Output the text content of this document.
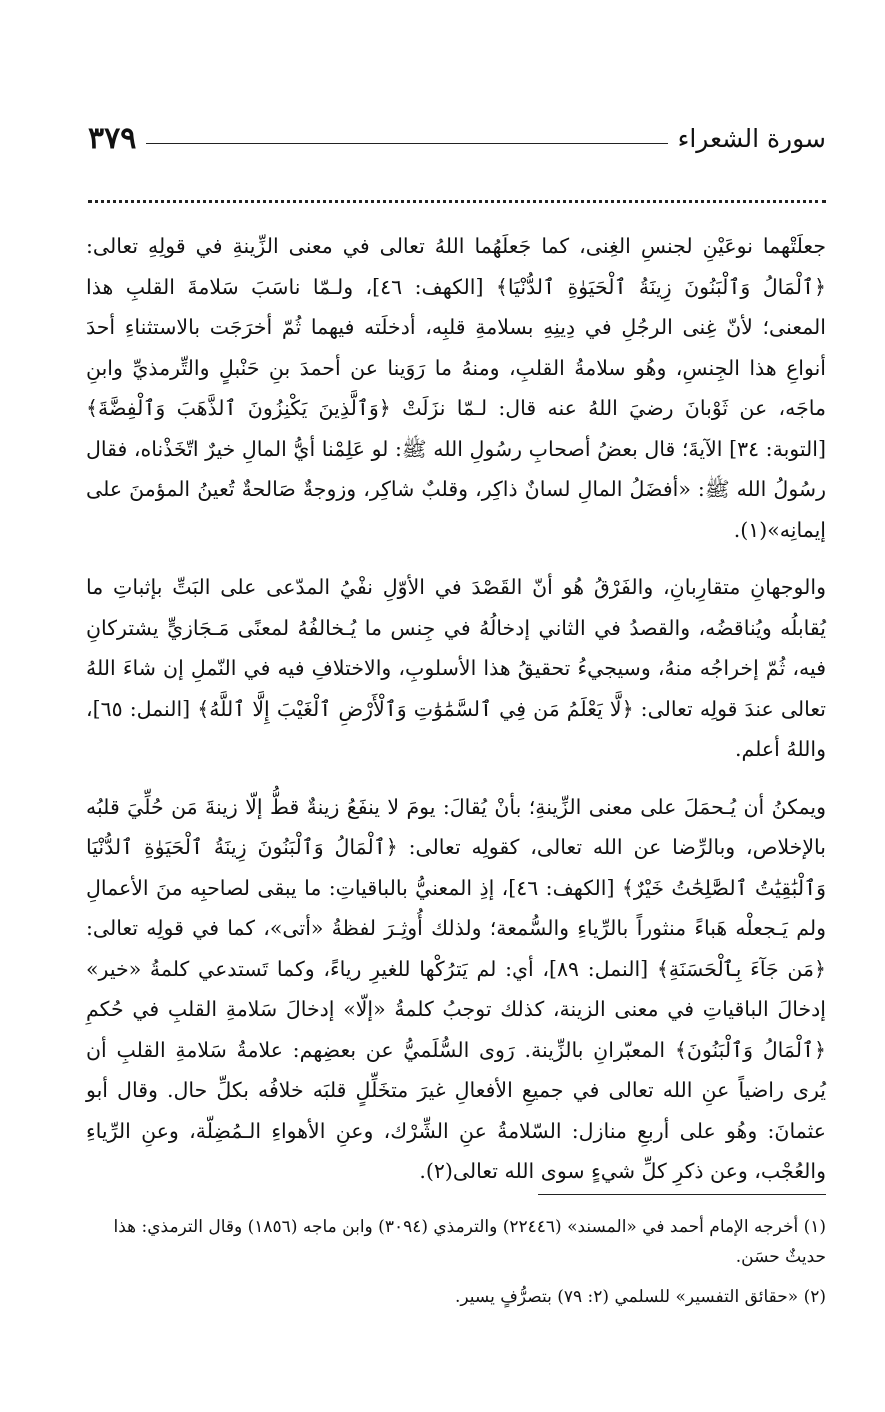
سورة الشعراء
٣٧٩

جعلَتْهما نوعَيْنِ لجنسِ الغِنى، كما جَعلَهُما اللهُ تعالى في معنى الزِّينةِ في قولِهِ تعالى: ﴿ٱلْمَالُ وَٱلْبَنُونَ زِينَةُ ٱلْحَيَوٰةِ ٱلدُّنْيَا﴾ [الكهف: ٤٦]، ولـمّا ناسَبَ سَلامةَ القلبِ هذا المعنى؛ لأنّ غِنى الرجُلِ في دِينِهِ بسلامةِ قلبِه، أدخلَته فيهما ثُمّ أخرَجَت بالاستثناءِ أحدَ أنواعِ هذا الجِنسِ، وهُو سلامةُ القلبِ، ومنهُ ما رَوَينا عن أحمدَ بنِ حَنْبلٍ والتِّرمذيِّ وابنِ ماجَه، عن ثَوْبانَ رضيَ اللهُ عنه قال: لـمّا نزَلَتْ ﴿وَٱلَّذِينَ يَكْنِزُونَ ٱلذَّهَبَ وَٱلْفِضَّةَ﴾ [التوبة: ٣٤] الآيةَ؛ قال بعضُ أصحابِ رسُولِ الله ﷺ: لو عَلِمْنا أيُّ المالِ خيرٌ اتّخَذْناه، فقال رسُولُ الله ﷺ: «أفضَلُ المالِ لسانٌ ذاكِر، وقلبٌ شاكِر، وزوجةٌ صَالحةٌ تُعينُ المؤمنَ على إيمانِه»(١).

والوجهانِ متقارِبانِ، والفَرْقُ هُو أنّ القَصْدَ في الأوّلِ نفْيُ المدّعى على البَتِّ بإثباتِ ما يُقابلُه ويُناقضُه، والقصدُ في الثاني إدخالُهُ في جِنس ما يُـخالفُهُ لمعنًى مَـجَازيٍّ يشتركانِ فيه، ثُمّ إخراجُه منهُ، وسيجيءُ تحقيقُ هذا الأسلوبِ، والاختلافِ فيه في النّملِ إن شاءَ اللهُ تعالى عندَ قولِه تعالى: ﴿لَّا يَعْلَمُ مَن فِي ٱلسَّمَٰوَٰتِ وَٱلْأَرْضِ ٱلْغَيْبَ إِلَّا ٱللَّهُ﴾ [النمل: ٦٥]، واللهُ أعلم.

ويمكنُ أن يُـحمَلَ على معنى الزِّينةِ؛ بأنْ يُقالَ: يومَ لا ينفَعُ زينةٌ قطُّ إلّا زينةَ مَن حُلِّيَ قلبُه بالإخلاص، وبالرِّضا عن الله تعالى، كقولِه تعالى: ﴿ٱلْمَالُ وَٱلْبَنُونَ زِينَةُ ٱلْحَيَوٰةِ ٱلدُّنْيَا وَٱلْبَٰقِيَٰتُ ٱلصَّٰلِحَٰتُ خَيْرٌ﴾ [الكهف: ٤٦]، إذِ المعنيُّ بالباقياتِ: ما يبقى لصاحبِه منَ الأعمالِ ولم يَـجعلْه هَباءً منثوراً بالرِّياءِ والسُّمعة؛ ولذلك أُوثِـرَ لفظةُ «أتى»، كما في قولِه تعالى: ﴿مَن جَآءَ بِٱلْحَسَنَةِ﴾ [النمل: ٨٩]، أي: لم يَترُكْها للغيرِ رياءً، وكما تَستدعي كلمةُ «خير» إدخالَ الباقياتِ في معنى الزينة، كذلك توجبُ كلمةُ «إلّا» إدخالَ سَلامةِ القلبِ في حُكمِ ﴿ٱلْمَالُ وَٱلْبَنُونَ﴾ المعبّرانِ بالزِّينة. رَوى السُّلَميُّ عن بعضِهم: علامةُ سَلامةِ القلبِ أن يُرى راضياً عنِ الله تعالى في جميعِ الأفعالِ غيرَ متخَلِّلٍ قلبَه خلافُه بكلِّ حال. وقال أبو عثمانَ: وهُو على أربعِ منازل: السّلامةُ عنِ الشِّرْك، وعنِ الأهواءِ الـمُضِلّة، وعنِ الرِّياءِ والعُجْب، وعن ذكرِ كلِّ شيءٍ سوى الله تعالى(٢).

(١) أخرجه الإمام أحمد في «المسند» (٢٢٤٤٦) والترمذي (٣٠٩٤) وابن ماجه (١٨٥٦) وقال الترمذي: هذا حديثٌ حسَن.

(٢) «حقائق التفسير» للسلمي (٢: ٧٩) بتصرُّفٍ يسير.
